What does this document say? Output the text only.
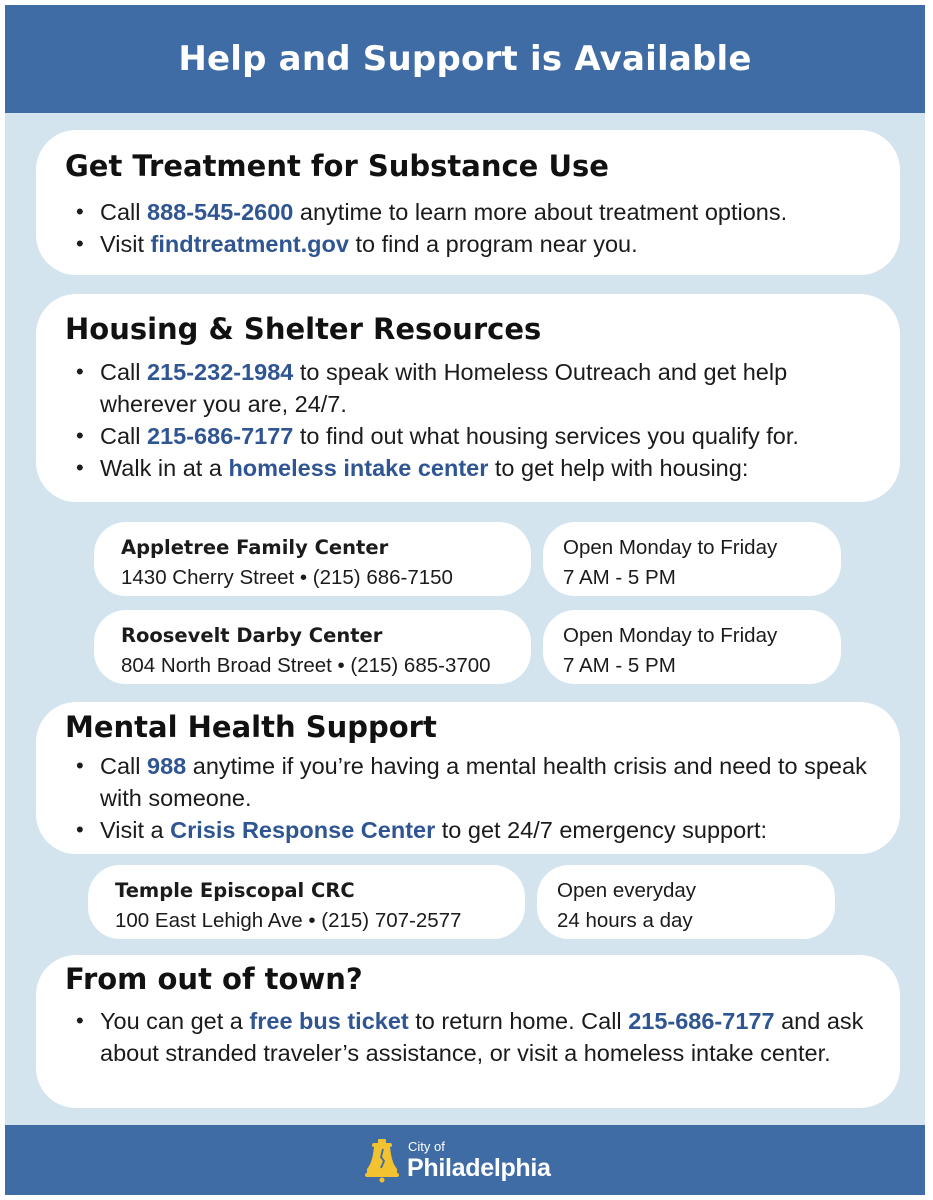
Help and Support is Available
Get Treatment for Substance Use
• Call 888-545-2600 anytime to learn more about treatment options.
• Visit findtreatment.gov to find a program near you.
Housing & Shelter Resources
• Call 215-232-1984 to speak with Homeless Outreach and get help wherever you are, 24/7.
• Call 215-686-7177 to find out what housing services you qualify for.
• Walk in at a homeless intake center to get help with housing:
Appletree Family Center
1430 Cherry Street • (215) 686-7150
Open Monday to Friday
7 AM - 5 PM
Roosevelt Darby Center
804 North Broad Street • (215) 685-3700
Open Monday to Friday
7 AM - 5 PM
Mental Health Support
• Call 988 anytime if you’re having a mental health crisis and need to speak with someone.
• Visit a Crisis Response Center to get 24/7 emergency support:
Temple Episcopal CRC
100 East Lehigh Ave • (215) 707-2577
Open everyday
24 hours a day
From out of town?
• You can get a free bus ticket to return home. Call 215-686-7177 and ask about stranded traveler’s assistance, or visit a homeless intake center.
City of
Philadelphia
